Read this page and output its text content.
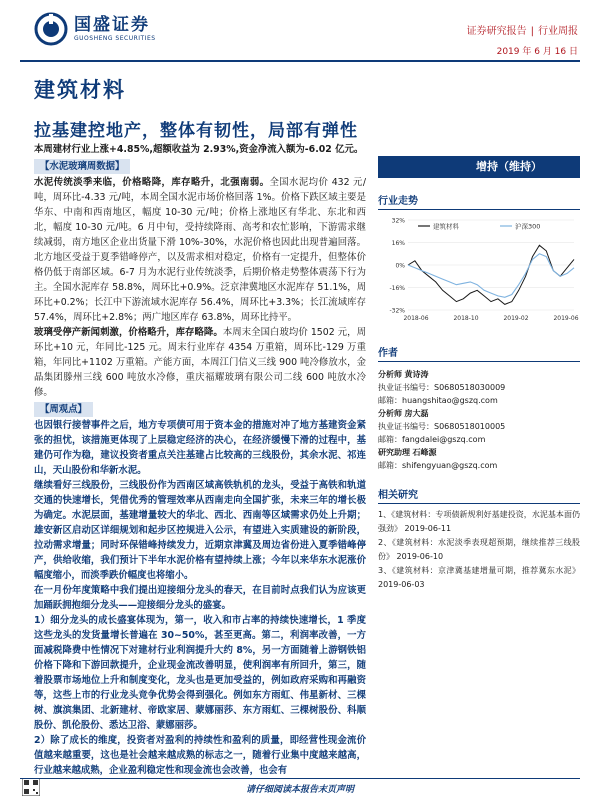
国盛证券
GUOSHENG SECURITIES
证券研究报告 | 行业周报
2019 年 6 月 16 日
建筑材料
拉基建控地产，整体有韧性，局部有弹性

本周建材行业上涨+4.85%,超额收益为 2.93%,资金净流入额为-6.02 亿元。

【水泥玻璃周数据】

水泥传统淡季来临，价格略降，库存略升，北强南弱。全国水泥均价 432 元/吨，周环比-4.33 元/吨，本周全国水泥市场价格回落 1%。价格下跌区域主要是华东、中南和西南地区，幅度 10-30 元/吨；价格上涨地区有华北、东北和西北，幅度 10-30 元/吨。6 月中旬，受持续降雨、高考和农忙影响，下游需求继续减弱，南方地区企业出货量下滑 10%-30%，水泥价格也因此出现普遍回落。北方地区受益于夏季错峰停产，以及需求相对稳定，价格有一定提升，但整体价格仍低于南部区域。6-7 月为水泥行业传统淡季，后期价格走势整体震荡下行为主。全国水泥库存 58.8%，周环比+0.9%。泛京津冀地区水泥库存 51.1%，周环比+0.2%；长江中下游流域水泥库存 56.4%，周环比+3.3%；长江流域库存 57.4%，周环比+2.8%；两广地区库存 63.8%，周环比持平。

玻璃受停产新闻刺激，价格略升，库存略降。本周末全国白玻均价 1502 元，周环比+10 元，年同比-125 元。周末行业库存 4354 万重箱，周环比-129 万重箱，年同比+1102 万重箱。产能方面，本周江门信义三线 900 吨冷修放水，金晶集团滕州三线 600 吨放水冷修，重庆福耀玻璃有限公司二线 600 吨放水冷修。

【周观点】

也因银行接替事件之后，地方专项债可用于资本金的措施对冲了地方基建资金紧张的担忧，该措施更体现了上层稳定经济的决心，在经济缓慢下滑的过程中，基建仍可作为稳，建议投资者重点关注基建占比较高的三线股份，其余水泥、祁连山，天山股份和华新水泥。

继续看好三线股份，三线股份作为西南区域高铁轨机的龙头，受益于高铁和轨道交通的快速增长，凭借优秀的管理效率从西南走向全国扩张，未来三年的增长极为确定。水泥层面，基建增量较大的华北、西北、西南等区域需求仍处上升期；雄安新区启动区详细规划和起步区控规进入公示，有望进入实质建设的新阶段，拉动需求增量；同时环保错峰持续发力，近期京津冀及周边省份进入夏季错峰停产，供给收缩，我们预计下半年水泥价格有望持续上涨；今年以来华东水泥涨价幅度缩小，而淡季跌价幅度也将缩小。

在一月份年度策略中我们提出迎接细分龙头的春天，在目前时点我们认为应该更加踊跃拥抱细分龙头——迎接细分龙头的盛宴。

1）细分龙头的成长盛宴体现为，第一，收入和市占率的持续快速增长，1 季度这些龙头的发货量增长普遍在 30~50%，甚至更高。第二，利润率改善，一方面减税降费中性情况下对建材行业利润提升大约 8%，另一方面随着上游钢铁铝价格下降和下游回款提升，企业现金流改善明显，使利润率有所回升，第三，随着股票市场地位上升和制度变化，龙头也是更加受益的，例如政府采购和再融资等，这些上市的行业龙头竞争优势会得到强化。例如东方雨虹、伟星新材、三棵树、旗滨集团、北新建材、帝欧家居、蒙娜丽莎、东方雨虹、三棵树股份、科顺股份、凯伦股份、悉达卫浴、蒙娜丽莎。

2）除了成长的维度，投资者对盈利的持续性和盈利的质量，即经营性现金流价值越来越重要，这也是社会越来越成熟的标志之一，随着行业集中度越来越高，行业越来越成熟，企业盈利稳定性和现金流也会改善，也会有

增持（维持）
行业走势
32%
16%
0%
-16%
-32%
2018-06	2018-10	2019-02	2019-06
建筑材料	沪深300
作者
分析师 黄诗涛
执业证书编号：S0680518030009
邮箱：huangshitao@gszq.com
分析师 房大磊
执业证书编号：S0680518010005
邮箱：fangdalei@gszq.com
研究助理 石峰源
邮箱：shifengyuan@gszq.com
相关研究

1、《建筑材料：专项债新规利好基建投资，水泥基本面仍强劲》 2019-06-11

2、《建筑材料：水泥淡季表现超预期，继续推荐三线股份》 2019-06-10

3、《建筑材料：京津冀基建增量可期，推荐冀东水泥》 2019-06-03

请仔细阅读本报告末页声明
